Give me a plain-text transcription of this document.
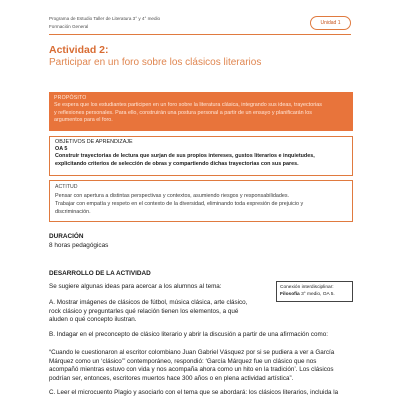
Programa de Estudio Taller de Literatura 3° y 4° medio
Formación General
Unidad 1
Actividad 2:
Participar en un foro sobre los clásicos literarios
PROPÓSITO
Se espera que los estudiantes participen en un foro sobre la literatura clásica, integrando sus ideas, trayectorias
y reflexiones personales. Para ello, construirán una postura personal a partir de un ensayo y planificarán los
argumentos para el foro.
OBJETIVOS DE APRENDIZAJE
OA 5
Construir trayectorias de lectura que surjan de sus propios intereses, gustos literarios e inquietudes,
explicitando criterios de selección de obras y compartiendo dichas trayectorias con sus pares.
ACTITUD
Pensar con apertura a distintas perspectivas y contextos, asumiendo riesgos y responsabilidades.
Trabajar con empatía y respeto en el contexto de la diversidad, eliminando toda expresión de prejuicio y
discriminación.
DURACIÓN
8 horas pedagógicas
DESARROLLO DE LA ACTIVIDAD
Se sugiere algunas ideas para acercar a los alumnos al tema:	Conexión interdisciplinar:
Filosofía 3° medio, OA 5.
A. Mostrar imágenes de clásicos de fútbol, música clásica, arte clásico,
rock clásico y preguntarles qué relación tienen los elementos, a qué
aluden o qué concepto ilustran.
B. Indagar en el preconcepto de clásico literario y abrir la discusión a partir de una afirmación como:
“Cuando le cuestionaron al escritor colombiano Juan Gabriel Vásquez por si se pudiera a ver a García
Márquez como un ‘clásico’” contemporáneo, respondió: ‘García Márquez fue un clásico que nos
acompañó mientras estuvo con vida y nos acompaña ahora como un hito en la tradición’. Los clásicos
podrían ser, entonces, escritores muertos hace 300 años o en plena actividad artística”.
C. Leer el microcuento Plagio y asociarlo con el tema que se abordará: los clásicos literarios, incluida la
